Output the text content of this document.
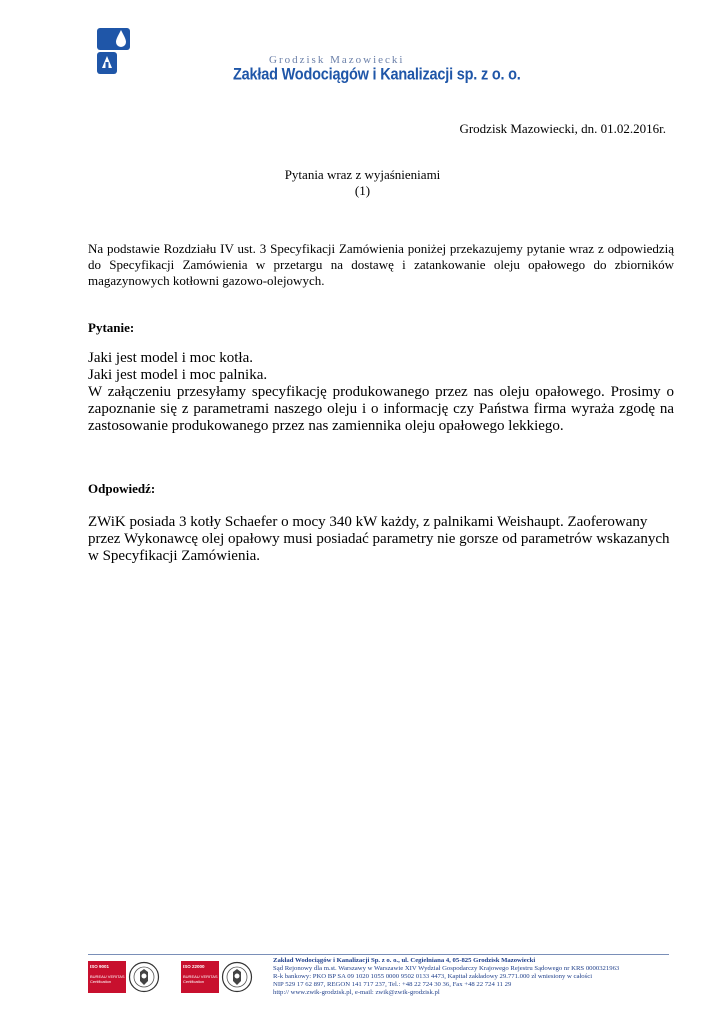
Grodzisk Mazowiecki
Zakład Wodociągów i Kanalizacji sp. z o. o.
Grodzisk Mazowiecki, dn. 01.02.2016r.
Pytania wraz z wyjaśnieniami
(1)
Na podstawie Rozdziału IV ust. 3 Specyfikacji Zamówienia poniżej przekazujemy pytanie wraz z odpowiedzią do Specyfikacji Zamówienia w przetargu na dostawę i zatankowanie oleju opałowego do zbiorników magazynowych kotłowni gazowo-olejowych.
Pytanie:

Jaki jest model i moc kotła.

Jaki jest model i moc palnika.

W załączeniu przesyłamy specyfikację produkowanego przez nas oleju opałowego. Prosimy o zapoznanie się z parametrami naszego oleju i o informację czy Państwa firma wyraża zgodę na zastosowanie produkowanego przez nas zamiennika oleju opałowego lekkiego.

Odpowiedź:

ZWiK posiada 3 kotły Schaefer o mocy 340 kW każdy, z palnikami Weishaupt. Zaoferowany przez Wykonawcę olej opałowy musi posiadać parametry nie gorsze od parametrów wskazanych w Specyfikacji Zamówienia.

ISO 9001
BUREAU VERITAS
Certification
ISO 22000
BUREAU VERITAS
Certification
Zakład Wodociągów i Kanalizacji Sp. z o. o., ul. Cegielniana 4, 05-825 Grodzisk Mazowiecki
Sąd Rejonowy dla m.st. Warszawy w Warszawie XIV Wydział Gospodarczy Krajowego Rejestru Sądowego nr KRS 0000321963
R-k bankowy: PKO BP SA 09 1020 1055 0000 9502 0133 4473, Kapitał zakładowy 29.771.000 zł wniesiony w całości
NIP 529 17 62 897, REGON 141 717 237, Tel.: +48 22 724 30 36, Fax +48 22 724 11 29
http:// www.zwik-grodzisk.pl, e-mail: zwik@zwik-grodzisk.pl
